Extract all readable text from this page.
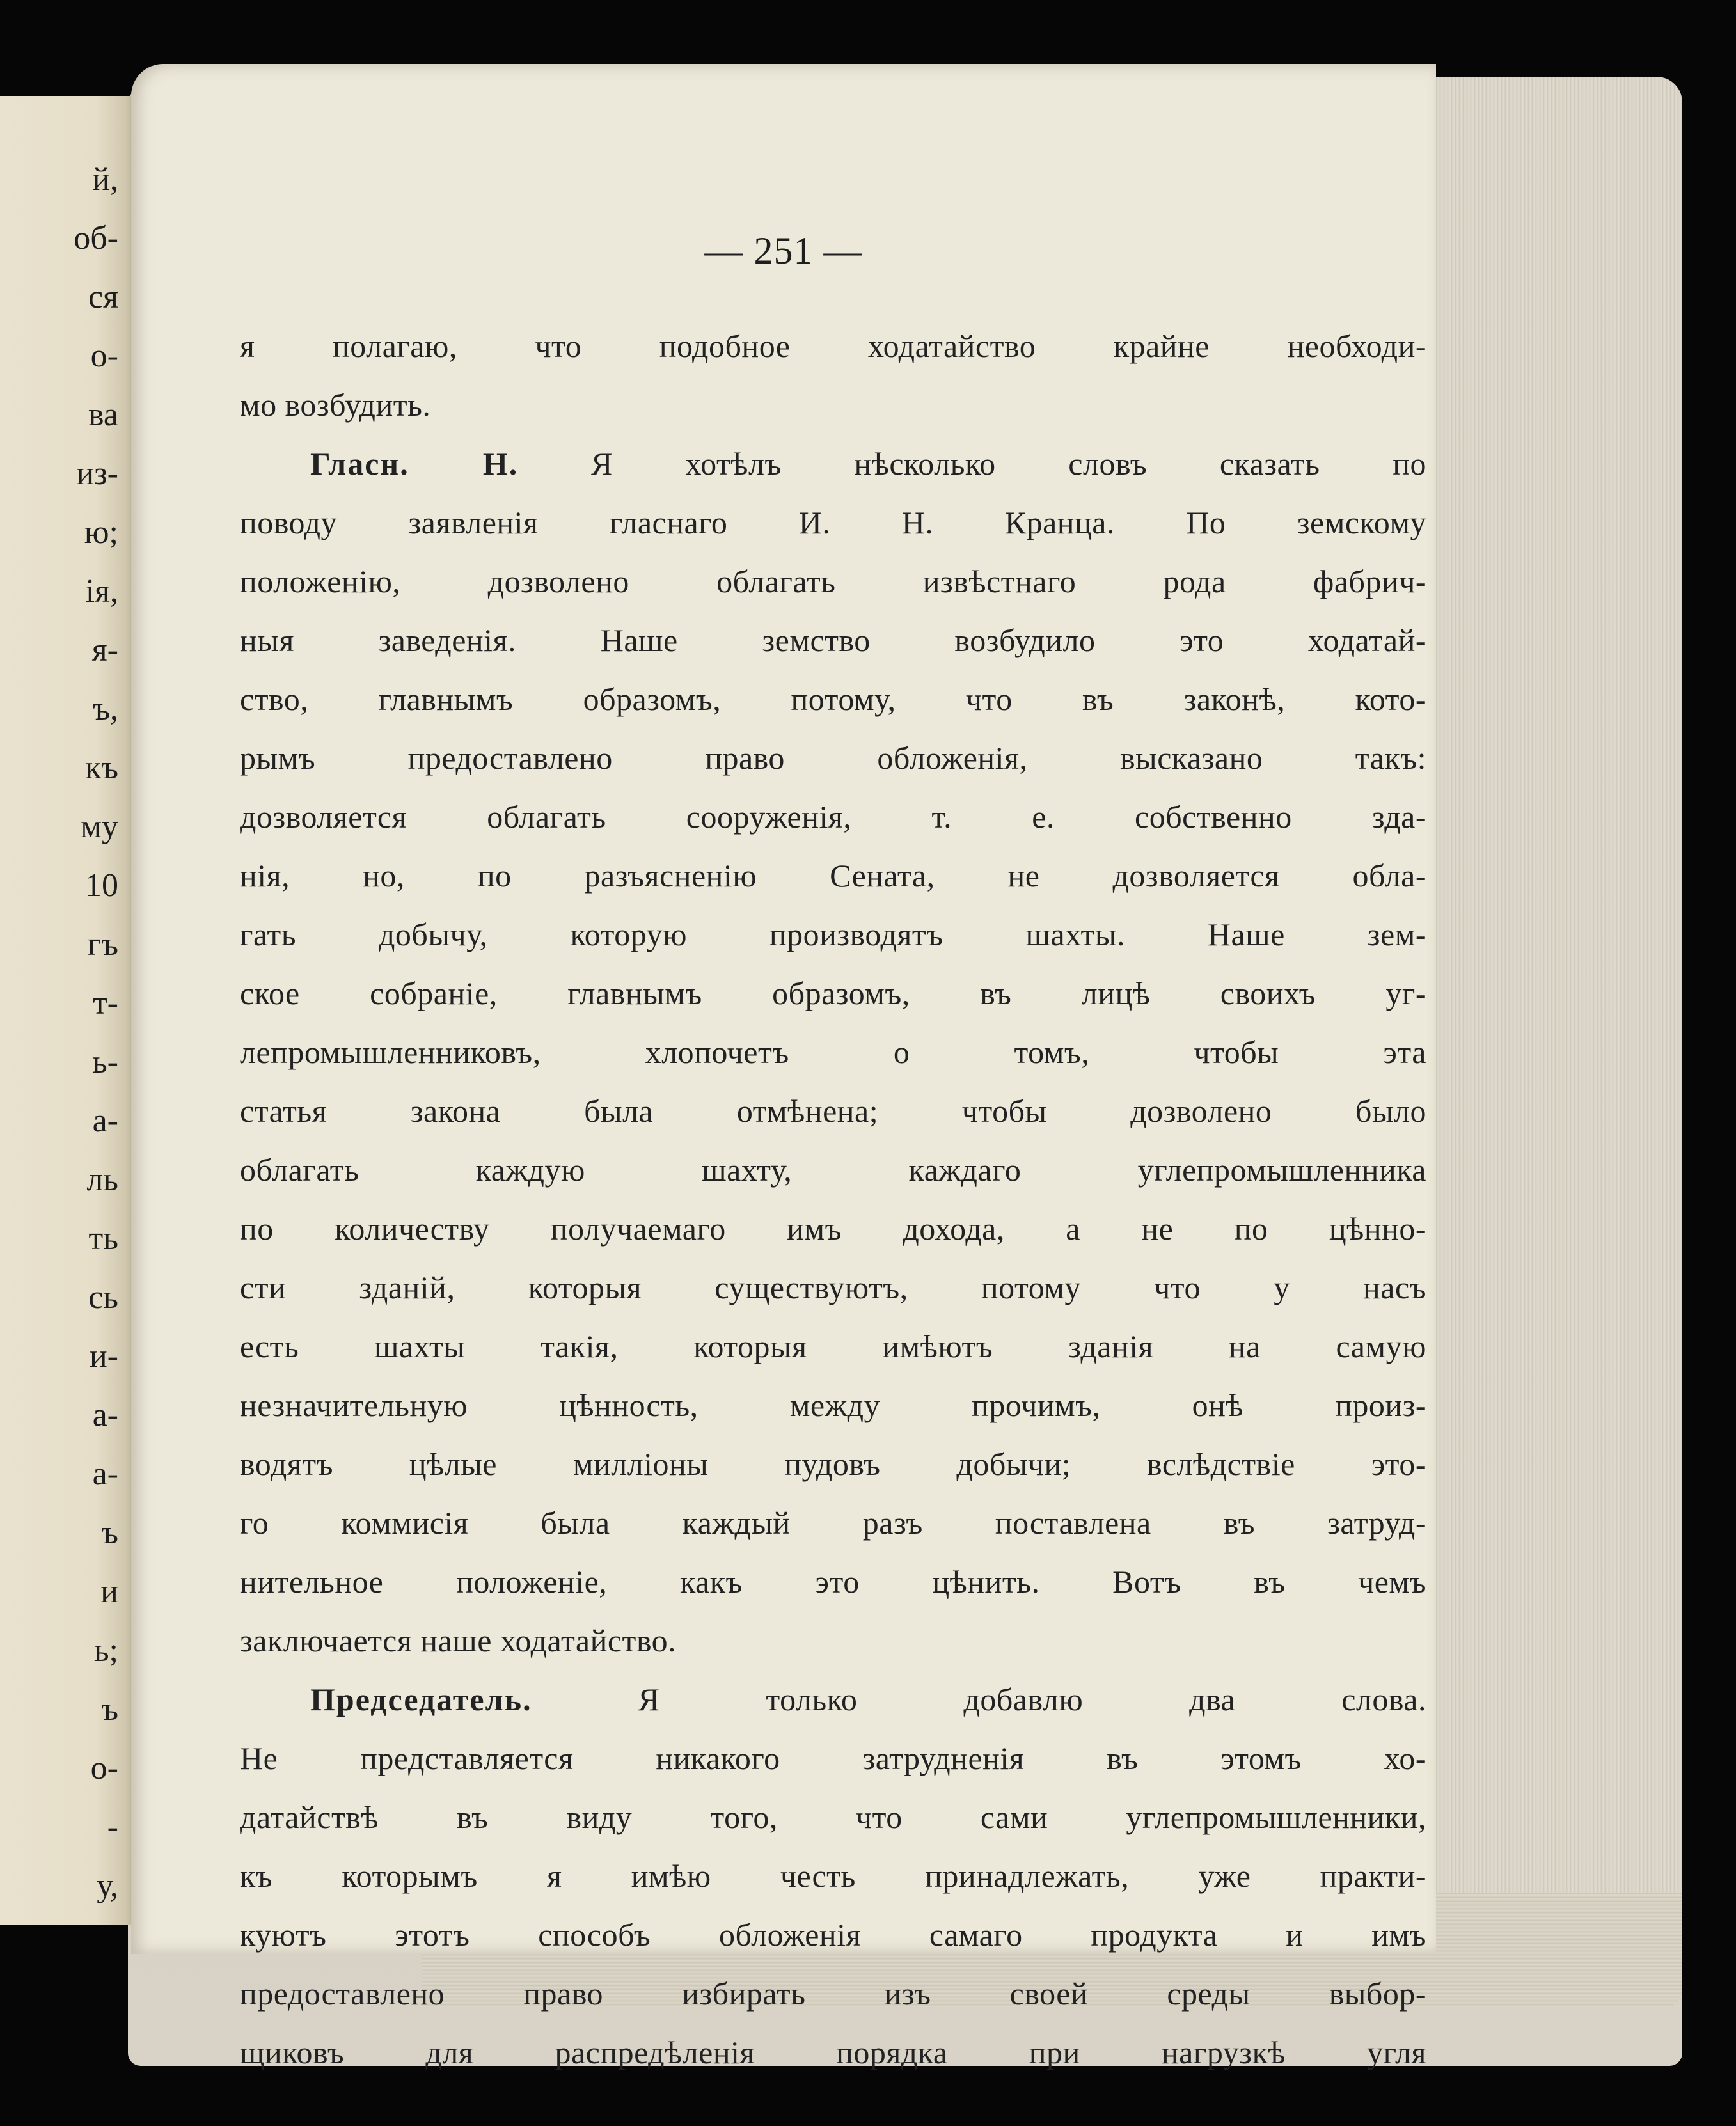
й,
об-
ся
о-
ва
из-
ю;
ія,
я-
ъ,
къ
му
10
гъ
т-
ь-
а-
ль
ть
сь
и-
а-
а-
ъ
и
ь;
ъ
о-
-
у,
— 251 —
я полагаю, что подобное ходатайство крайне необходи-
мо возбудить.
Гласн. Н. Я хотѣлъ нѣсколько словъ сказать по
поводу заявленія гласнаго И. Н. Кранца. По земскому
положенію, дозволено облагать извѣстнаго рода фабрич-
ныя заведенія. Наше земство возбудило это ходатай-
ство, главнымъ образомъ, потому, что въ законѣ, кото-
рымъ предоставлено право обложенія, высказано такъ:
дозволяется облагать сооруженія, т. е. собственно зда-
нія, но, по разъясненію Сената, не дозволяется обла-
гать добычу, которую производятъ шахты. Наше зем-
ское собраніе, главнымъ образомъ, въ лицѣ своихъ уг-
лепромышленниковъ, хлопочетъ о томъ, чтобы эта
статья закона была отмѣнена; чтобы дозволено было
облагать каждую шахту, каждаго углепромышленника
по количеству получаемаго имъ дохода, а не по цѣнно-
сти зданій, которыя существуютъ, потому что у насъ
есть шахты такія, которыя имѣютъ зданія на самую
незначительную цѣнность, между прочимъ, онѣ произ-
водятъ цѣлые милліоны пудовъ добычи; вслѣдствіе это-
го коммисія была каждый разъ поставлена въ затруд-
нительное положеніе, какъ это цѣнить. Вотъ въ чемъ
заключается наше ходатайство.
Председатель.	Я только добавлю два слова.
Не представляется никакого затрудненія въ этомъ хо-
датайствѣ въ виду того, что сами углепромышленники,
къ которымъ я имѣю честь принадлежать, уже практи-
куютъ этотъ способъ обложенія самаго продукта и имъ
предоставлено право избирать изъ своей среды выбор-
щиковъ для распредѣленія порядка при нагрузкѣ угля
